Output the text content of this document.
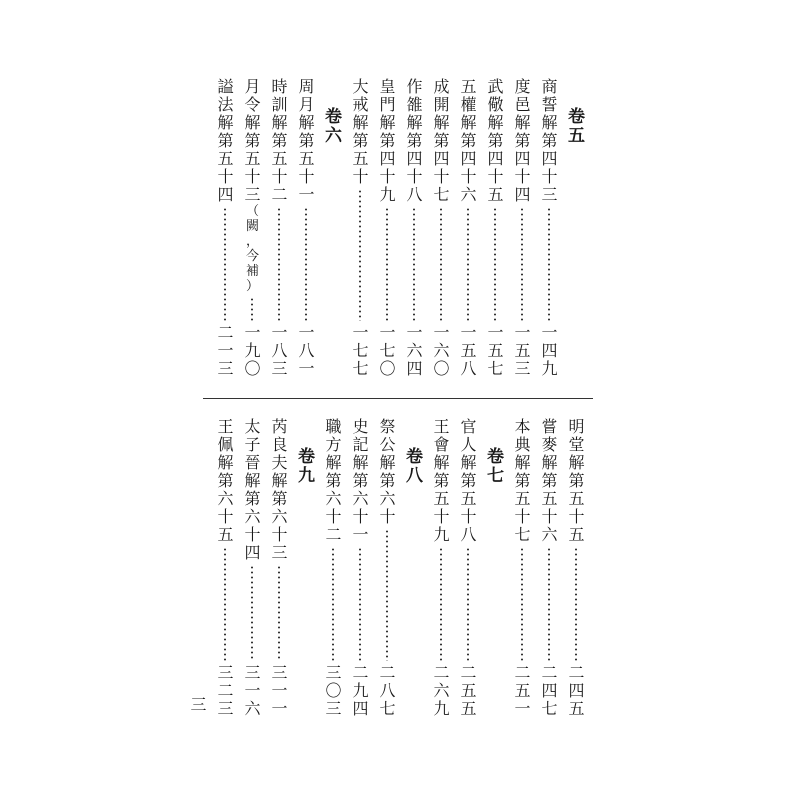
卷
五
商
誓
解
第
四
十
三
一
四
九
度
邑
解
第
四
十
四
一
五
三
武
儆
解
第
四
十
五
一
五
七
五
權
解
第
四
十
六
一
五
八
成
開
解
第
四
十
七
一
六
〇
作
雒
解
第
四
十
八
一
六
四
皇
門
解
第
四
十
九
一
七
〇
大
戒
解
第
五
十
一
七
七
卷
六
周
月
解
第
五
十
一
一
八
一
時
訓
解
第
五
十
二
一
八
三
月
令
解
第
五
十
三
（
闕
，
今
補
）
一
九
〇
謚
法
解
第
五
十
四
二
一
三
明
堂
解
第
五
十
五
二
四
五
嘗
麥
解
第
五
十
六
二
四
七
本
典
解
第
五
十
七
二
五
一
卷
七
官
人
解
第
五
十
八
二
五
五
王
會
解
第
五
十
九
二
六
九
卷
八
祭
公
解
第
六
十
二
八
七
史
記
解
第
六
十
一
二
九
四
職
方
解
第
六
十
二
三
〇
三
卷
九
芮
良
夫
解
第
六
十
三
三
一
一
太
子
晉
解
第
六
十
四
三
一
六
王
佩
解
第
六
十
五
三
二
三
三
